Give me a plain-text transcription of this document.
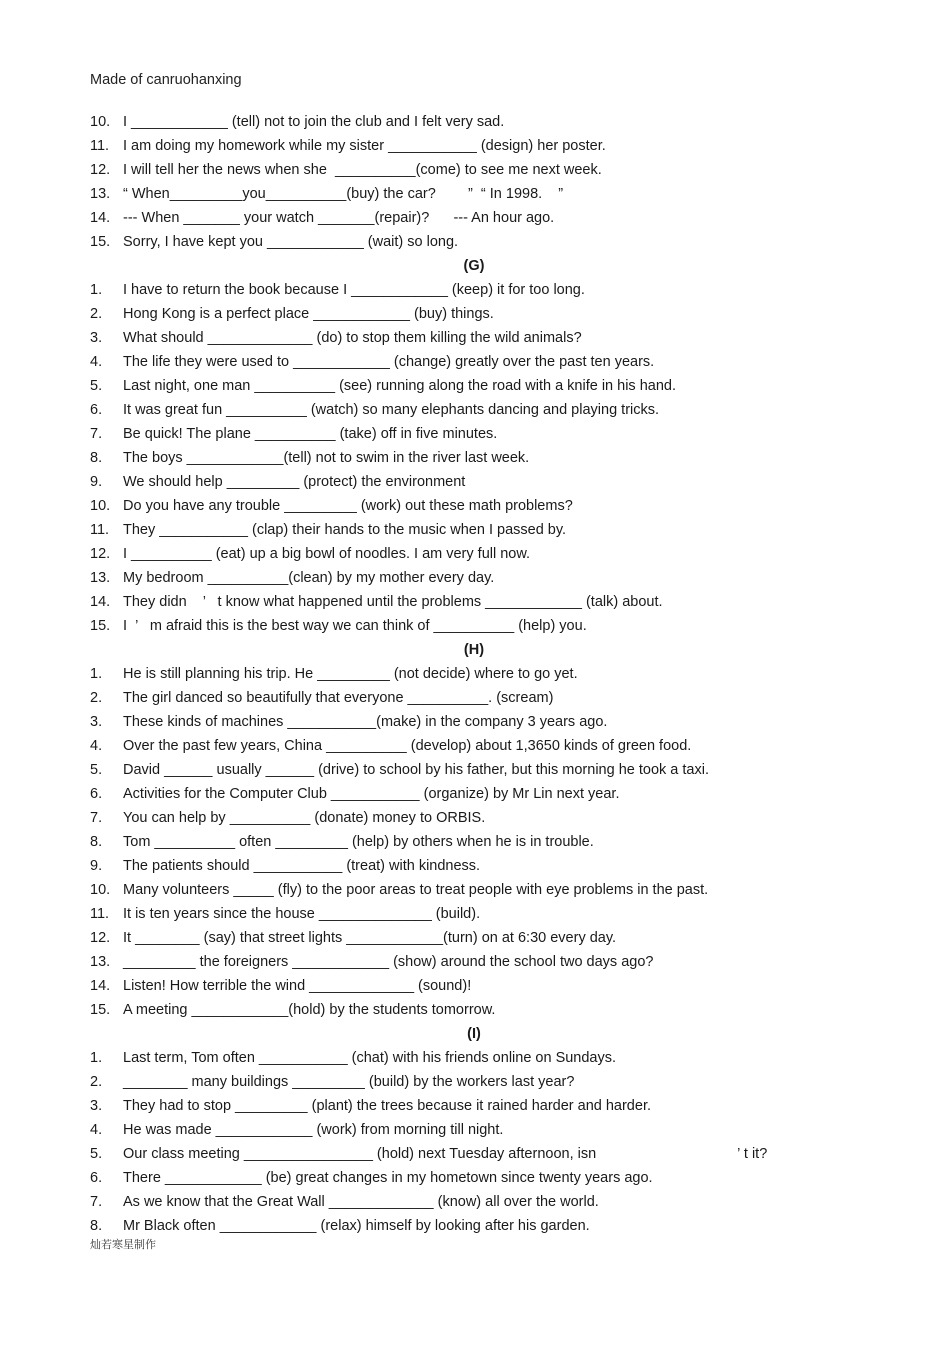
Made of canruohanxing
10. I ____________ (tell) not to join the club and I felt very sad.
11. I am doing my homework while my sister ___________ (design) her poster.
12. I will tell her the news when she  __________(come) to see me next week.
13. “ When_________you__________(buy) the car?        ”  “ In 1998.    ”
14. --- When _______ your watch _______(repair)?      --- An hour ago.
15. Sorry, I have kept you ____________ (wait) so long.
(G)
1.	I have to return the book because I ____________ (keep) it for too long.
2.	Hong Kong is a perfect place ____________ (buy) things.
3.	What should _____________ (do) to stop them killing the wild animals?
4.	The life they were used to ____________ (change) greatly over the past ten years.
5.	Last night, one man __________ (see) running along the road with a knife in his hand.
6.	It was great fun __________ (watch) so many elephants dancing and playing tricks.
7.	Be quick! The plane __________ (take) off in five minutes.
8.	The boys ____________(tell) not to swim in the river last week.
9.	We should help _________ (protect) the environment
10. Do you have any trouble _________ (work) out these math problems?
11. They ___________ (clap) their hands to the music when I passed by.
12. I __________ (eat) up a big bowl of noodles. I am very full now.
13. My bedroom __________(clean) by my mother every day.
14. They didn    ’   t know what happened until the problems ____________ (talk) about.
15. I  ’   m afraid this is the best way we can think of __________ (help) you.
(H)
1.	He is still planning his trip. He _________ (not decide) where to go yet.
2.	The girl danced so beautifully that everyone __________. (scream)
3.	These kinds of machines ___________(make) in the company 3 years ago.
4.	Over the past few years, China __________ (develop) about 1,3650 kinds of green food.
5.	David ______ usually ______ (drive) to school by his father, but this morning he took a taxi.
6.	Activities for the Computer Club ___________ (organize) by Mr Lin next year.
7.	You can help by __________ (donate) money to ORBIS.
8.	Tom __________ often _________ (help) by others when he is in trouble.
9.	The patients should ___________ (treat) with kindness.
10. Many volunteers _____ (fly) to the poor areas to treat people with eye problems in the past.
11. It is ten years since the house ______________ (build).
12. It ________ (say) that street lights ____________(turn) on at 6:30 every day.
13. _________ the foreigners ____________ (show) around the school two days ago?
14. Listen! How terrible the wind _____________ (sound)!
15. A meeting ____________(hold) by the students tomorrow.
(I)
1.	Last term, Tom often ___________ (chat) with his friends online on Sundays.
2.	________ many buildings _________ (build) by the workers last year?
3.	They had to stop _________ (plant) the trees because it rained harder and harder.
4.	He was made ____________ (work) from morning till night.
5.	Our class meeting ________________ (hold) next Tuesday afternoon, isn                                   ’ t it?
6.	There ____________ (be) great changes in my hometown since twenty years ago.
7.	As we know that the Great Wall _____________ (know) all over the world.
8.	Mr Black often ____________ (relax) himself by looking after his garden.
灿若寒星制作
